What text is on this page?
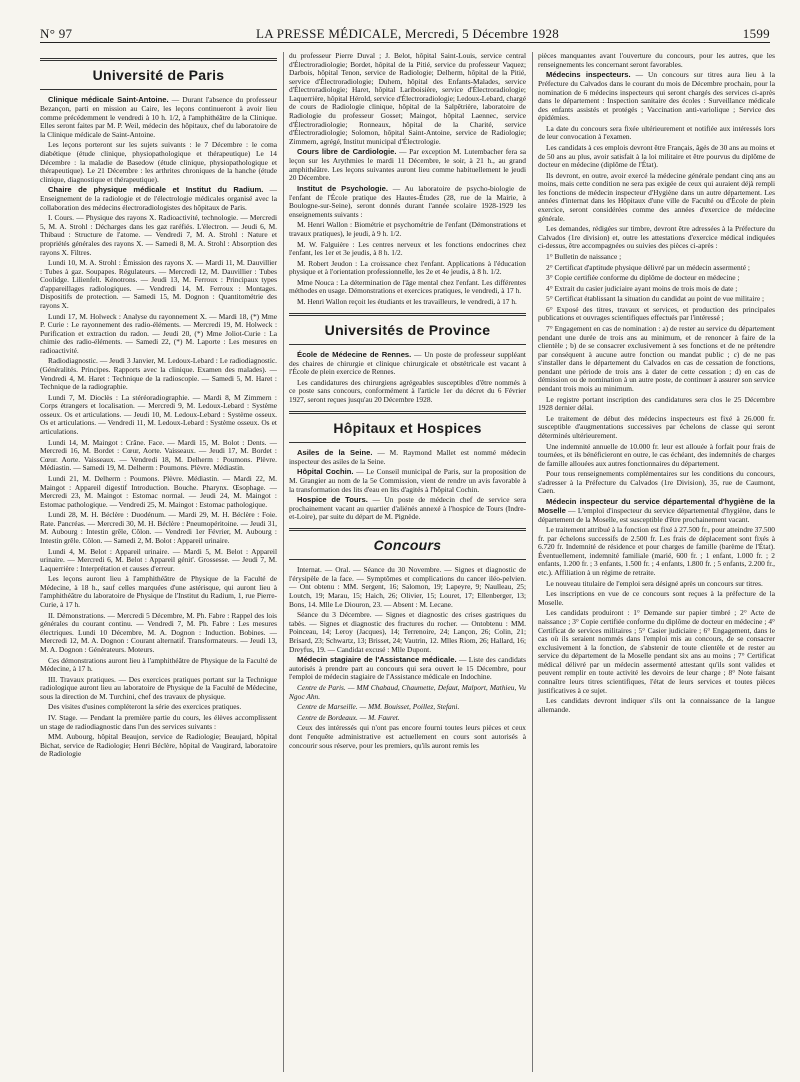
N° 97	LA PRESSE MÉDICALE, Mercredi, 5 Décembre 1928	1599
Université de Paris

Clinique médicale Saint-Antoine. — Durant l'absence du professeur Bezançon, parti en mission au Caire, les leçons continueront à avoir lieu comme précédemment le vendredi à 10 h. 1/2, à l'amphithéâtre de la Clinique. Elles seront faites par M. P. Weil, médecin des hôpitaux, chef du laboratoire de la Clinique médicale de Saint-Antoine.

Les leçons porteront sur les sujets suivants : le 7 Décembre : le coma diabétique (étude clinique, physiopathologique et thérapeutique) Le 14 Décembre : la maladie de Basedow (étude clinique, physiopathologique et thérapeutique). Le 21 Décembre : les arthrites chroniques de la hanche (étude clinique, diagnostique et thérapeutique).

Chaire de physique médicale et Institut du Radium. — Enseignement de la radiologie et de l'électrologie médicales organisé avec la collaboration des médecins électroradiologistes des hôpitaux de Paris.

I. Cours. — Physique des rayons X. Radioactivité, technologie. — Mercredi 5, M. A. Strohl : Décharges dans les gaz raréfiés. L'électron. — Jeudi 6, M. Thibaud : Structure de l'atome. — Vendredi 7, M. A. Strohl : Nature et propriétés générales des rayons X. — Samedi 8, M. A. Strohl : Absorption des rayons X. Filtres.

Lundi 10, M. A. Strohl : Émission des rayons X. — Mardi 11, M. Dauvillier : Tubes à gaz. Soupapes. Régulateurs. — Mercredi 12, M. Dauvillier : Tubes Coolidge. Lilienfelt. Kénotrons. — Jeudi 13, M. Ferroux : Principaux types d'appareillages radiologiques. — Vendredi 14, M. Ferroux : Montages. Dispositifs de protection. — Samedi 15, M. Dognon : Quantitométrie des rayons X.

Lundi 17, M. Holweck : Analyse du rayonnement X. — Mardi 18, (*) Mme P. Curie : Le rayonnement des radio-éléments. — Mercredi 19, M. Holweck : Purification et extraction du radon. — Jeudi 20, (*) Mme Joliot-Curie : La chimie des radio-éléments. — Samedi 22, (*) M. Laporte : Les mesures en radioactivité.

Radiodiagnostic. — Jeudi 3 Janvier, M. Ledoux-Lebard : Le radiodiagnostic. (Généralités. Principes. Rapports avec la clinique. Examen des malades). — Vendredi 4, M. Haret : Technique de la radioscopie. — Samedi 5, M. Haret : Technique de la radiographie.

Lundi 7, M. Dioclès : La stéréoradiographie. — Mardi 8, M Zimmern : Corps étrangers et localisation. — Mercredi 9, M. Ledoux-Lebard : Système osseux. Os et articulations. — Jeudi 10, M. Ledoux-Lebard : Système osseux. Os et articulations. — Vendredi 11, M. Ledoux-Lebard : Système osseux. Os et articulations.

Lundi 14, M. Maingot : Crâne. Face. — Mardi 15, M. Bolot : Dents. — Mercredi 16, M. Bordet : Cœur, Aorte. Vaisseaux. — Jeudi 17, M. Bordet : Cœur. Aorte. Vaisseaux. — Vendredi 18, M. Delherm : Poumons. Plèvre. Médiastin. — Samedi 19, M. Delherm : Poumons. Plèvre. Médiastin.

Lundi 21, M. Delherm : Poumons. Plèvre. Médiastin. — Mardi 22, M. Maingot : Appareil digestif Introduction. Bouche. Pharynx. Œsophage. — Mercredi 23, M. Maingot : Estomac normal. — Jeudi 24, M. Maingot : Estomac pathologique. — Vendredi 25, M. Maingot : Estomac pathologique.

Lundi 28, M. H. Béclère : Duodénum. — Mardi 29, M. H. Béclère : Foie. Rate. Pancréas. — Mercredi 30, M. H. Béclère : Pneumopéritoine. — Jeudi 31, M. Aubourg : Intestin grêle, Côlon. — Vendredi 1er Février, M. Aubourg : Intestin grêle. Côlon. — Samedi 2, M. Bolot : Appareil urinaire.

Lundi 4, M. Belot : Appareil urinaire. — Mardi 5, M. Belot : Appareil urinaire. — Mercredi 6, M. Belot : Appareil génit'. Grossesse. — Jeudi 7, M. Laquerrière : Interprétation et causes d'erreur.

Les leçons auront lieu à l'amphithéâtre de Physique de la Faculté de Médecine, à 18 h., sauf celles marquées d'une astérisque, qui auront lieu à l'amphithéâtre du laboratoire de Physique de l'Institut du Radium, 1, rue Pierre-Curie, à 17 h.

II. Démonstrations. — Mercredi 5 Décembre, M. Ph. Fabre : Rappel des lois générales du courant continu. — Vendredi 7, M. Ph. Fabre : Les mesures électriques. Lundi 10 Décembre, M. A. Dognon : Induction. Bobines. — Mercredi 12, M. A. Dognon : Courant alternatif. Transformateurs. — Jeudi 13, M. A. Dognon : Générateurs. Moteurs.

Ces démonstrations auront lieu à l'amphithéâtre de Physique de la Faculté de Médecine, à 17 h.

III. Travaux pratiques. — Des exercices pratiques portant sur la Technique radiologique auront lieu au laboratoire de Physique de la Faculté de Médecine, sous la direction de M. Turchini, chef des travaux de physique.

Des visites d'usines compléteront la série des exercices pratiques.

IV. Stage. — Pendant la première partie du cours, les élèves accomplissent un stage de radiodiagnostic dans l'un des services suivants :

MM. Aubourg, hôpital Beaujon, service de Radiologie; Beaujard, hôpital Bichat, service de Radiologie; Henri Béclère, hôpital de Vaugirard, laboratoire de Radiologie

du professeur Pierre Duval ; J. Belot, hôpital Saint-Louis, service central d'Électroradiologie; Bordet, hôpital de la Pitié, service du professeur Vaquez; Darbois, hôpital Tenon, service de Radiologie; Delherm, hôpital de la Pitié, service d'Électroradiologie; Duhem, hôpital des Enfants-Malades, service d'Électroradiologie; Haret, hôpital Lariboisière, service d'Électroradiologie; Laquerrière, hôpital Hérold, service d'Électroradiologie; Ledoux-Lebard, chargé de cours de Radiologie clinique, hôpital de la Salpêtrière, laboratoire de Radiologie du professeur Gosset; Maingot, hôpital Laennec, service d'Électroradiologie; Ronneaux, hôpital de la Charité, service d'Électroradiologie; Solomon, hôpital Saint-Antoine, service de Radiologie; Zimmern, agrégé, Institut municipal d'Électrologie.

Cours libre de Cardiologie. — Par exception M. Lutembacher fera sa leçon sur les Arythmies le mardi 11 Décembre, le soir, à 21 h., au grand amphithéâtre. Les leçons suivantes auront lieu comme habituellement le jeudi 20 Décembre.

Institut de Psychologie. — Au laboratoire de psycho-biologie de l'enfant de l'École pratique des Hautes-Études (28, rue de la Mairie, à Boulogne-sur-Seine), seront donnés durant l'année scolaire 1928-1929 les enseignements suivants :

M. Henri Wallon : Biométrie et psychométrie de l'enfant (Démonstrations et travaux pratiques), le jeudi, à 9 h. 1/2.

M. W. Falguière : Les centres nerveux et les fonctions endocrines chez l'enfant, les 1er et 3e jeudis, à 8 h. 1/2.

M. Robert Jeudon : La croissance chez l'enfant. Applications à l'éducation physique et à l'orientation professionnelle, les 2e et 4e jeudis, à 8 h. 1/2.

Mme Nouca : La détermination de l'âge mental chez l'enfant. Les différentes méthodes en usage. Démonstrations et exercices pratiques, le vendredi, à 17 h.

M. Henri Wallon reçoit les étudiants et les travailleurs, le vendredi, à 17 h.

Universités de Province

École de Médecine de Rennes. — Un poste de professeur suppléant des chaires de chirurgie et clinique chirurgicale et obstétricale est vacant à l'École de plein exercice de Rennes.

Les candidatures des chirurgiens agrégeables susceptibles d'être nommés à ce poste sans concours, conformément à l'article 1er du décret du 6 Février 1927, seront reçues jusqu'au 20 Décembre 1928.

Hôpitaux et Hospices

Asiles de la Seine. — M. Raymond Mallet est nommé médecin inspecteur des asiles de la Seine.

Hôpital Cochin. — Le Conseil municipal de Paris, sur la proposition de M. Grangier au nom de la 5e Commission, vient de rendre un avis favorable à la transformation des lits d'eau en lits d'agités à l'hôpital Cochin.

Hospice de Tours. — Un poste de médecin chef de service sera prochainement vacant au quartier d'aliénés annexé à l'hospice de Tours (Indre-et-Loire), par suite du départ de M. Pignède.

Concours

Internat. — Oral. — Séance du 30 Novembre. — Signes et diagnostic de l'érysipèle de la face. — Symptômes et complications du cancer iléo-pelvien. — Ont obtenu : MM. Sergent, 16; Salomon, 19; Lapeyre, 9; Naulleau, 25; Loutch, 19; Marau, 15; Haich, 26; Olivier, 15; Louret, 17; Ellenberger, 13; Bons, 14. Mlle Le Diouron, 23. — Absent : M. Lecane.

Séance du 3 Décembre. — Signes et diagnostic des crises gastriques du tabès. — Signes et diagnostic des fractures du rocher. — Ontobtenu : MM. Poinceau, 14; Leroy (Jacques), 14; Terrenoire, 24; Lançon, 26; Colin, 21; Brisard, 23; Schwartz, 13; Brisset, 24; Vautrin, 12. Mlles Riom, 26; Hallard, 16; Dreyfus, 19. — Candidat excusé : Mlle Dupont.

Médecin stagiaire de l'Assistance médicale. — Liste des candidats autorisés à prendre part au concours qui sera ouvert le 15 Décembre, pour l'emploi de médecin stagiaire de l'Assistance médicale en Indochine.

Centre de Paris. — MM Chabaud, Chaumette, Defaut, Malport, Mathieu, Vu Ngoc Ahn.

Centre de Marseille. — MM. Bouisset, Poillez, Stefani.

Centre de Bordeaux. — M. Fauret.

Ceux des intéressés qui n'ont pas encore fourni toutes leurs pièces et ceux dont l'enquête administrative est actuellement en cours sont autorisés à concourir sous réserve, pour les premiers, qu'ils auront remis les

pièces manquantes avant l'ouverture du concours, pour les autres, que les renseignements les concernant seront favorables.

Médecins inspecteurs. — Un concours sur titres aura lieu à la Préfecture du Calvados dans le courant du mois de Décembre prochain, pour la nomination de 6 médecins inspecteurs qui seront chargés des services ci-après dans le département : Inspection sanitaire des écoles : Surveillance médicale des enfants assistés et protégés ; Vaccination anti-variolique ; Service des épidémies.

La date du concours sera fixée ultérieurement et notifiée aux intéressés lors de leur convocation à l'examen.

Les candidats à ces emplois devront être Français, âgés de 30 ans au moins et de 50 ans au plus, avoir satisfait à la loi militaire et être pourvus du diplôme de docteur en médecine (diplôme de l'État).

Ils devront, en outre, avoir exercé la médecine générale pendant cinq ans au moins, mais cette condition ne sera pas exigée de ceux qui auraient déjà rempli les fonctions de médecin inspecteur d'Hygiène dans un autre département. Les années d'internat dans les Hôpitaux d'une ville de Faculté ou d'École de plein exercice, seront considérées comme des années d'exercice de médecine générale.

Les demandes, rédigées sur timbre, devront être adressées à la Préfecture du Calvados (1re division) et, outre les attestations d'exercice médical indiquées ci-dessus, être accompagnées ou suivies des pièces ci-après :

1° Bulletin de naissance ;

2° Certificat d'aptitude physique délivré par un médecin assermenté ;

3° Copie certifiée conforme du diplôme de docteur en médecine ;

4° Extrait du casier judiciaire ayant moins de trois mois de date ;

5° Certificat établissant la situation du candidat au point de vue militaire ;

6° Exposé des titres, travaux et services, et production des principales publications et ouvrages scientifiques effectués par l'intéressé ;

7° Engagement en cas de nomination : a) de rester au service du département pendant une durée de trois ans au minimum, et de renoncer à faire de la clientèle ; b) de se consacrer exclusivement à ses fonctions et de ne prétendre par conséquent à aucune autre fonction ou mandat public ; c) de ne pas s'installer dans le département du Calvados en cas de cessation de fonctions, pendant une période de trois ans à dater de cette cessation ; d) en cas de démission ou de nomination à un autre poste, de continuer à assurer son service pendant trois mois au minimum.

Le registre portant inscription des candidatures sera clos le 25 Décembre 1928 dernier délai.

Le traitement de début des médecins inspecteurs est fixé à 26.000 fr. susceptible d'augmentations successives par échelons de classe qui seront déterminés ultérieurement.

Une indemnité annuelle de 10.000 fr. leur est allouée à forfait pour frais de tournées, et ils bénéficieront en outre, le cas échéant, des indemnités de charges de famille allouées aux autres fonctionnaires du département.

Pour tous renseignements complémentaires sur les conditions du concours, s'adresser à la Préfecture du Calvados (1re Division), 35, rue de Caumont, Caen.

Médecin inspecteur du service départemental d'hygiène de la Moselle — L'emploi d'inspecteur du service départemental d'hygiène, dans le département de la Moselle, est susceptible d'être prochainement vacant.

Le traitement attribué à la fonction est fixé à 27.500 fr., pour atteindre 37.500 fr. par échelons successifs de 2.500 fr. Les frais de déplacement sont fixés à 6.720 fr. Indemnité de résidence et pour charges de famille (barème de l'État). Éventuellement, indemnité familiale (marié, 600 fr. ; 1 enfant, 1.000 fr. ; 2 enfants, 1.200 fr. ; 3 enfants, 1.500 fr. ; 4 enfants, 1.800 fr. ; 5 enfants, 2.200 fr., etc.). Affiliation à un régime de retraite.

Le nouveau titulaire de l'emploi sera désigné après un concours sur titres.

Les inscriptions en vue de ce concours sont reçues à la préfecture de la Moselle.

Les candidats produiront : 1° Demande sur papier timbré ; 2° Acte de naissance ; 3° Copie certifiée conforme du diplôme de docteur en médecine ; 4° Certificat de services militaires ; 5° Casier judiciaire ; 6° Engagement, dans le cas où ils seraient nommés dans l'emploi mis au concours, de se consacrer exclusivement à la fonction, de s'abstenir de toute clientèle et de rester au service du département de la Moselle pendant six ans au moins ; 7° Certificat médical délivré par un médecin assermenté attestant qu'ils sont valides et peuvent remplir en toute activité les devoirs de leur charge ; 8° Note faisant connaître leurs titres scientifiques, l'état de leurs services et toutes pièces justificatives à ce sujet.

Les candidats devront indiquer s'ils ont la connaissance de la langue allemande.
